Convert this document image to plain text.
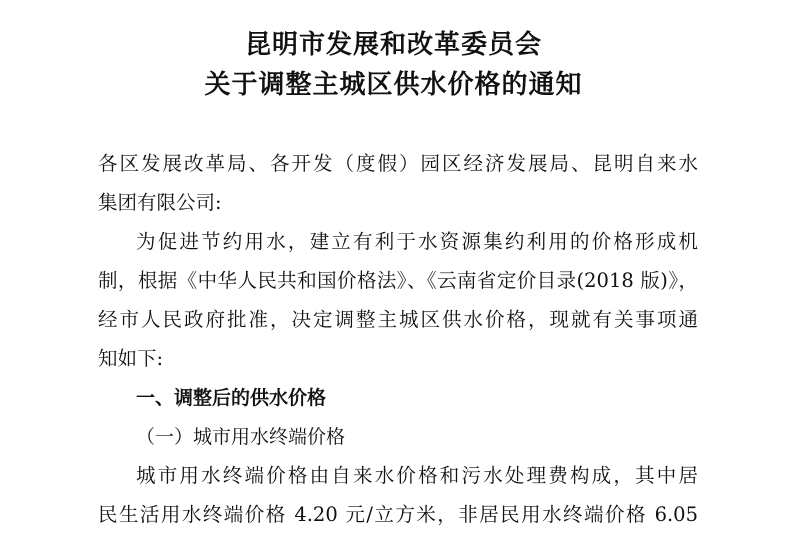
昆明市发展和改革委员会
关于调整主城区供水价格的通知
各区发展改革局、各开发（度假）园区经济发展局、昆明自来水
集团有限公司:
为促进节约用水，建立有利于水资源集约利用的价格形成机
制，根据《中华人民共和国价格法》、《云南省定价目录(2018 版)》，
经市人民政府批准，决定调整主城区供水价格，现就有关事项通
知如下:
一、调整后的供水价格
（一）城市用水终端价格
城市用水终端价格由自来水价格和污水处理费构成，其中居
民生活用水终端价格 4.20 元/立方米，非居民用水终端价格 6.05
